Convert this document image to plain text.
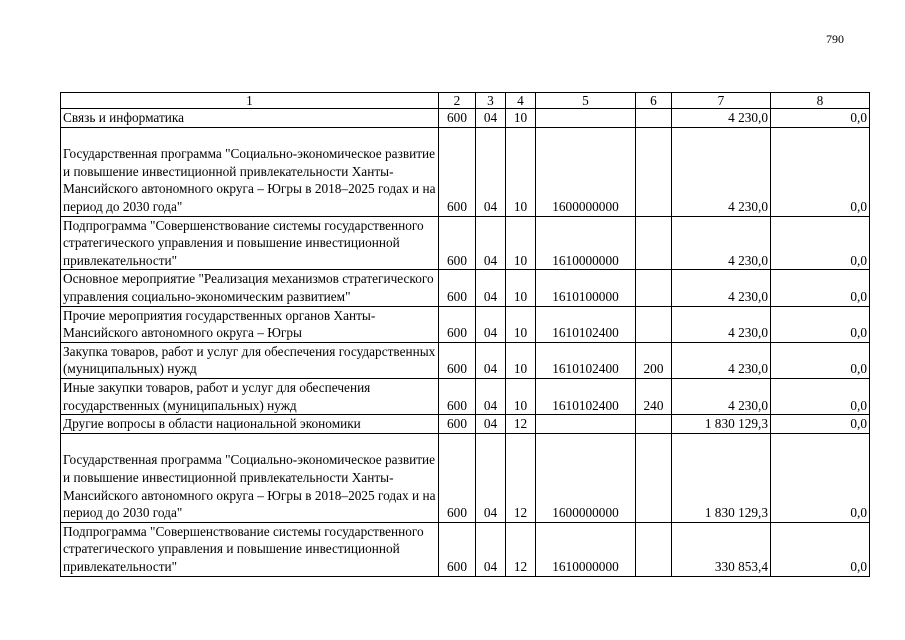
790
1	2	3	4	5	6	7	8
Связь и информатика	600	04	10			4 230,0	0,0
Государственная программа "Социально-экономическое развитие и повышение инвестиционной привлекательности Ханты-Мансийского автономного округа – Югры в 2018–2025 годах и на период до 2030 года"	600	04	10	1600000000		4 230,0	0,0
Подпрограмма "Совершенствование системы государственного стратегического управления и повышение инвестиционной привлекательности"	600	04	10	1610000000		4 230,0	0,0
Основное мероприятие "Реализация механизмов стратегического управления социально-экономическим развитием"	600	04	10	1610100000		4 230,0	0,0
Прочие мероприятия государственных органов Ханты-Мансийского автономного округа – Югры	600	04	10	1610102400		4 230,0	0,0
Закупка товаров, работ и услуг для обеспечения государственных (муниципальных) нужд	600	04	10	1610102400	200	4 230,0	0,0
Иные закупки товаров, работ и услуг для обеспечения государственных (муниципальных) нужд	600	04	10	1610102400	240	4 230,0	0,0
Другие вопросы в области национальной экономики	600	04	12			1 830 129,3	0,0
Государственная программа "Социально-экономическое развитие и повышение инвестиционной привлекательности Ханты-Мансийского автономного округа – Югры в 2018–2025 годах и на период до 2030 года"	600	04	12	1600000000		1 830 129,3	0,0
Подпрограмма "Совершенствование системы государственного стратегического управления и повышение инвестиционной привлекательности"	600	04	12	1610000000		330 853,4	0,0
